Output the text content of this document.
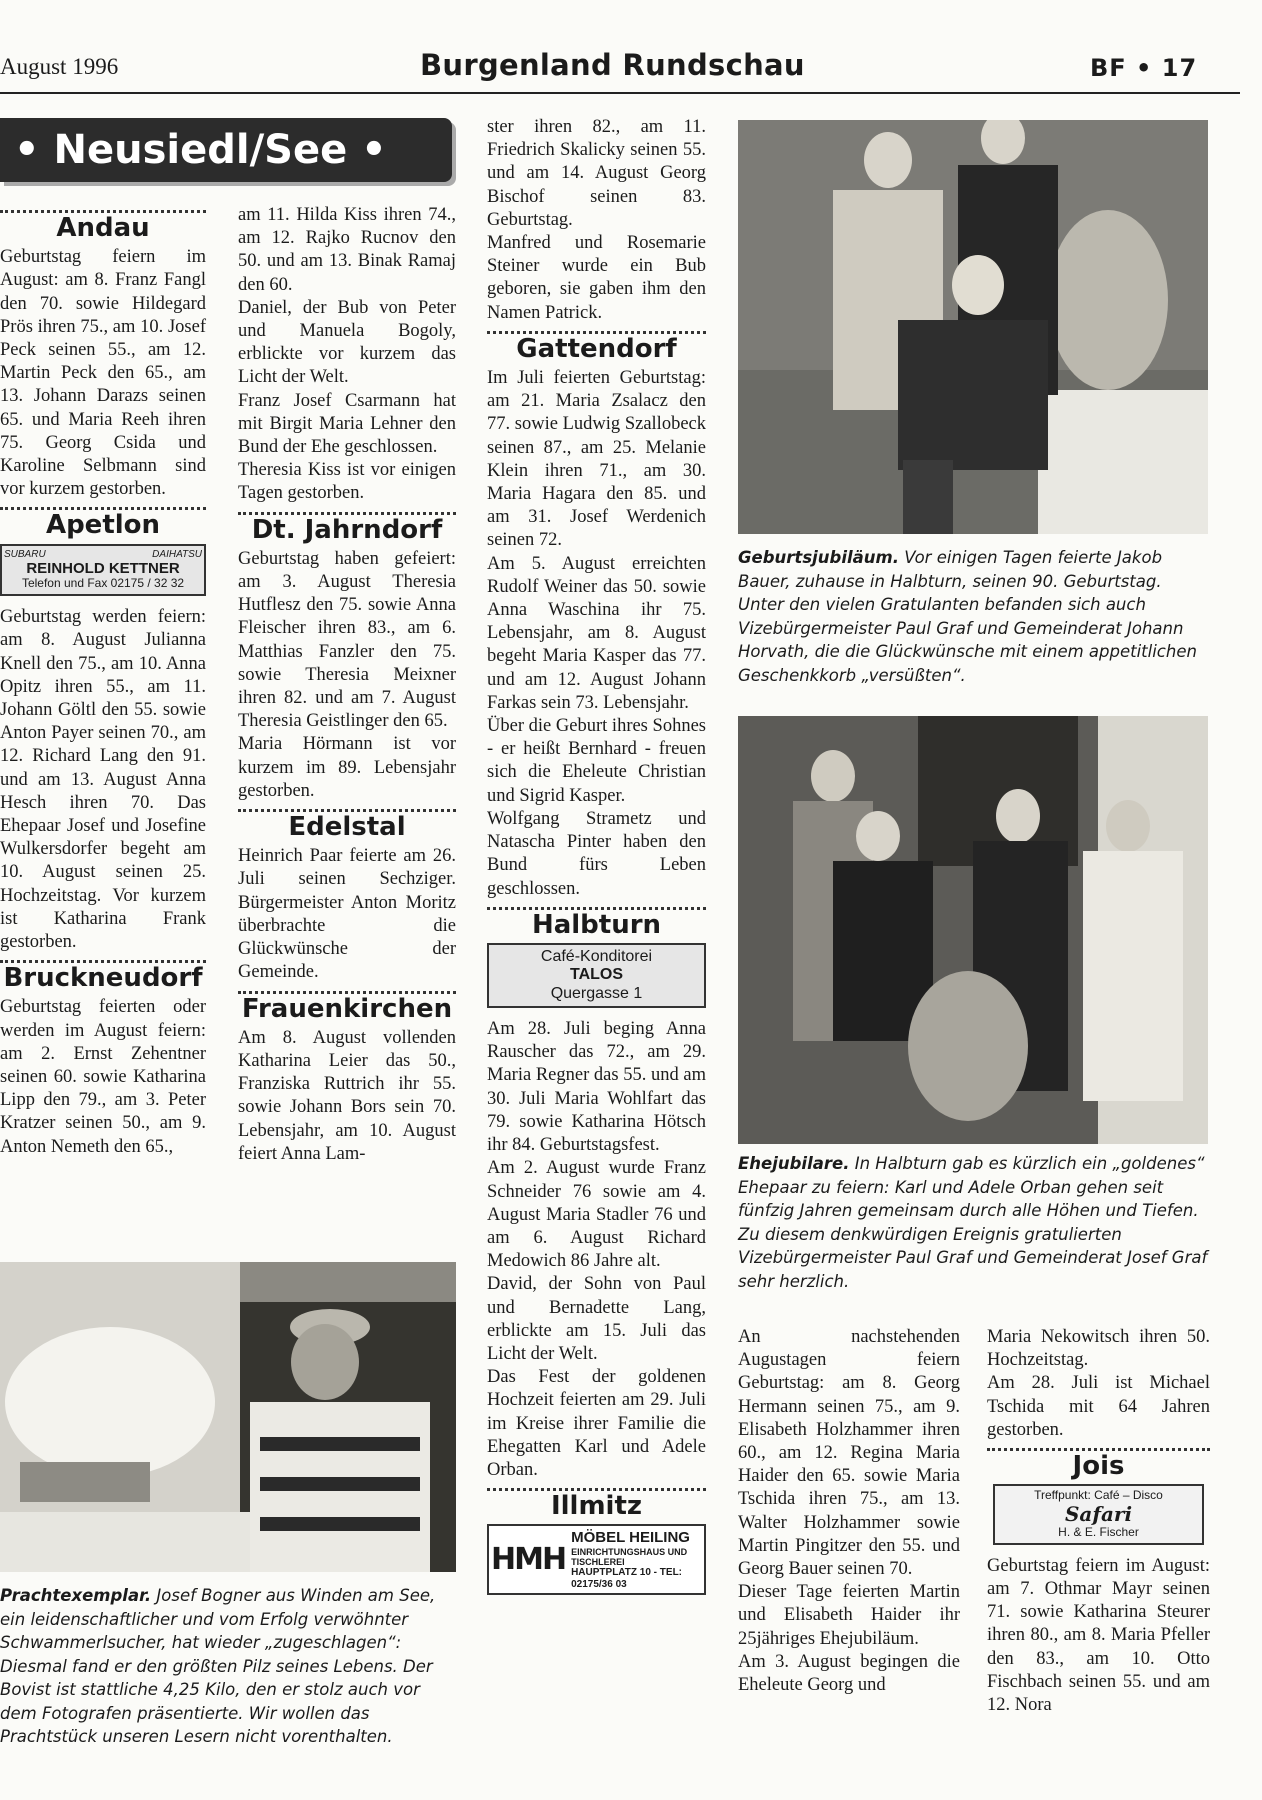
August 1996	Burgenland Rundschau	BF • 17
• Neusiedl/See •
Andau

Geburtstag feiern im August: am 8. Franz Fangl den 70. sowie Hildegard Prös ihren 75., am 10. Josef Peck seinen 55., am 12. Martin Peck den 65., am 13. Johann Darazs seinen 65. und Maria Reeh ihren 75. Georg Csida und Karoline Selbmann sind vor kurzem gestorben.

Apetlon
SUBARU	DAIHATSU
REINHOLD KETTNER
Telefon und Fax 02175 / 32 32

Geburtstag werden feiern: am 8. August Julianna Knell den 75., am 10. Anna Opitz ihren 55., am 11. Johann Göltl den 55. sowie Anton Payer seinen 70., am 12. Richard Lang den 91. und am 13. August Anna Hesch ihren 70. Das Ehepaar Josef und Josefine Wulkersdorfer begeht am 10. August seinen 25. Hochzeitstag. Vor kurzem ist Katharina Frank gestorben.

Bruckneudorf

Geburtstag feierten oder werden im August feiern: am 2. Ernst Zehentner seinen 60. sowie Katharina Lipp den 79., am 3. Peter Kratzer seinen 50., am 9. Anton Nemeth den 65.,

am 11. Hilda Kiss ihren 74., am 12. Rajko Rucnov den 50. und am 13. Binak Ramaj den 60.

Daniel, der Bub von Peter und Manuela Bogoly, erblickte vor kurzem das Licht der Welt.

Franz Josef Csarmann hat mit Birgit Maria Lehner den Bund der Ehe geschlossen.

Theresia Kiss ist vor einigen Tagen gestorben.

Dt. Jahrndorf

Geburtstag haben gefeiert: am 3. August Theresia Hutflesz den 75. sowie Anna Fleischer ihren 83., am 6. Matthias Fanzler den 75. sowie Theresia Meixner ihren 82. und am 7. August Theresia Geistlinger den 65.

Maria Hörmann ist vor kurzem im 89. Lebensjahr gestorben.

Edelstal

Heinrich Paar feierte am 26. Juli seinen Sechziger. Bürgermeister Anton Moritz überbrachte die Glückwünsche der Gemeinde.

Frauenkirchen

Am 8. August vollenden Katharina Leier das 50., Franziska Ruttrich ihr 55. sowie Johann Bors sein 70. Lebensjahr, am 10. August feiert Anna Lam-

ster ihren 82., am 11. Friedrich Skalicky seinen 55. und am 14. August Georg Bischof seinen 83. Geburtstag.

Manfred und Rosemarie Steiner wurde ein Bub geboren, sie gaben ihm den Namen Patrick.

Gattendorf

Im Juli feierten Geburtstag: am 21. Maria Zsalacz den 77. sowie Ludwig Szallobeck seinen 87., am 25. Melanie Klein ihren 71., am 30. Maria Hagara den 85. und am 31. Josef Werdenich seinen 72.

Am 5. August erreichten Rudolf Weiner das 50. sowie Anna Waschina ihr 75. Lebensjahr, am 8. August begeht Maria Kasper das 77. und am 12. August Johann Farkas sein 73. Lebensjahr.

Über die Geburt ihres Sohnes - er heißt Bernhard - freuen sich die Eheleute Christian und Sigrid Kasper.

Wolfgang Strametz und Natascha Pinter haben den Bund fürs Leben geschlossen.

Halbturn
Café-Konditorei
TALOS
Quergasse 1

Am 28. Juli beging Anna Rauscher das 72., am 29. Maria Regner das 55. und am 30. Juli Maria Wohlfart das 79. sowie Katharina Hötsch ihr 84. Geburtstagsfest.

Am 2. August wurde Franz Schneider 76 sowie am 4. August Maria Stadler 76 und am 6. August Richard Medowich 86 Jahre alt.

David, der Sohn von Paul und Bernadette Lang, erblickte am 15. Juli das Licht der Welt.

Das Fest der goldenen Hochzeit feierten am 29. Juli im Kreise ihrer Familie die Ehegatten Karl und Adele Orban.

Illmitz
HMH
MÖBEL HEILING
EINRICHTUNGSHAUS UND TISCHLEREI
HAUPTPLATZ 10 - TEL: 02175/36 03
Geburtsjubiläum. Vor einigen Tagen feierte Jakob Bauer, zuhause in Halbturn, seinen 90. Geburtstag. Unter den vielen Gratulanten befanden sich auch Vizebürgermeister Paul Graf und Gemeinderat Johann Horvath, die die Glückwünsche mit einem appetitlichen Geschenkkorb „versüßten“.
Ehejubilare. In Halbturn gab es kürzlich ein „goldenes“ Ehepaar zu feiern: Karl und Adele Orban gehen seit fünfzig Jahren gemeinsam durch alle Höhen und Tiefen. Zu diesem denkwürdigen Ereignis gratulierten Vizebürgermeister Paul Graf und Gemeinderat Josef Graf sehr herzlich.
Prachtexemplar. Josef Bogner aus Winden am See, ein leidenschaftlicher und vom Erfolg verwöhnter Schwammerlsucher, hat wieder „zugeschlagen“: Diesmal fand er den größten Pilz seines Lebens. Der Bovist ist stattliche 4,25 Kilo, den er stolz auch vor dem Fotografen präsentierte. Wir wollen das Prachtstück unseren Lesern nicht vorenthalten.

An nachstehenden Augustagen feiern Geburtstag: am 8. Georg Hermann seinen 75., am 9. Elisabeth Holzhammer ihren 60., am 12. Regina Maria Haider den 65. sowie Maria Tschida ihren 75., am 13. Walter Holzhammer sowie Martin Pingitzer den 55. und Georg Bauer seinen 70.

Dieser Tage feierten Martin und Elisabeth Haider ihr 25jähriges Ehejubiläum.

Am 3. August begingen die Eheleute Georg und

Maria Nekowitsch ihren 50. Hochzeitstag.

Am 28. Juli ist Michael Tschida mit 64 Jahren gestorben.

Jois
Treffpunkt: Café – Disco
Safari
H. & E. Fischer

Geburtstag feiern im August: am 7. Othmar Mayr seinen 71. sowie Katharina Steurer ihren 80., am 8. Maria Pfeller den 83., am 10. Otto Fischbach seinen 55. und am 12. Nora
